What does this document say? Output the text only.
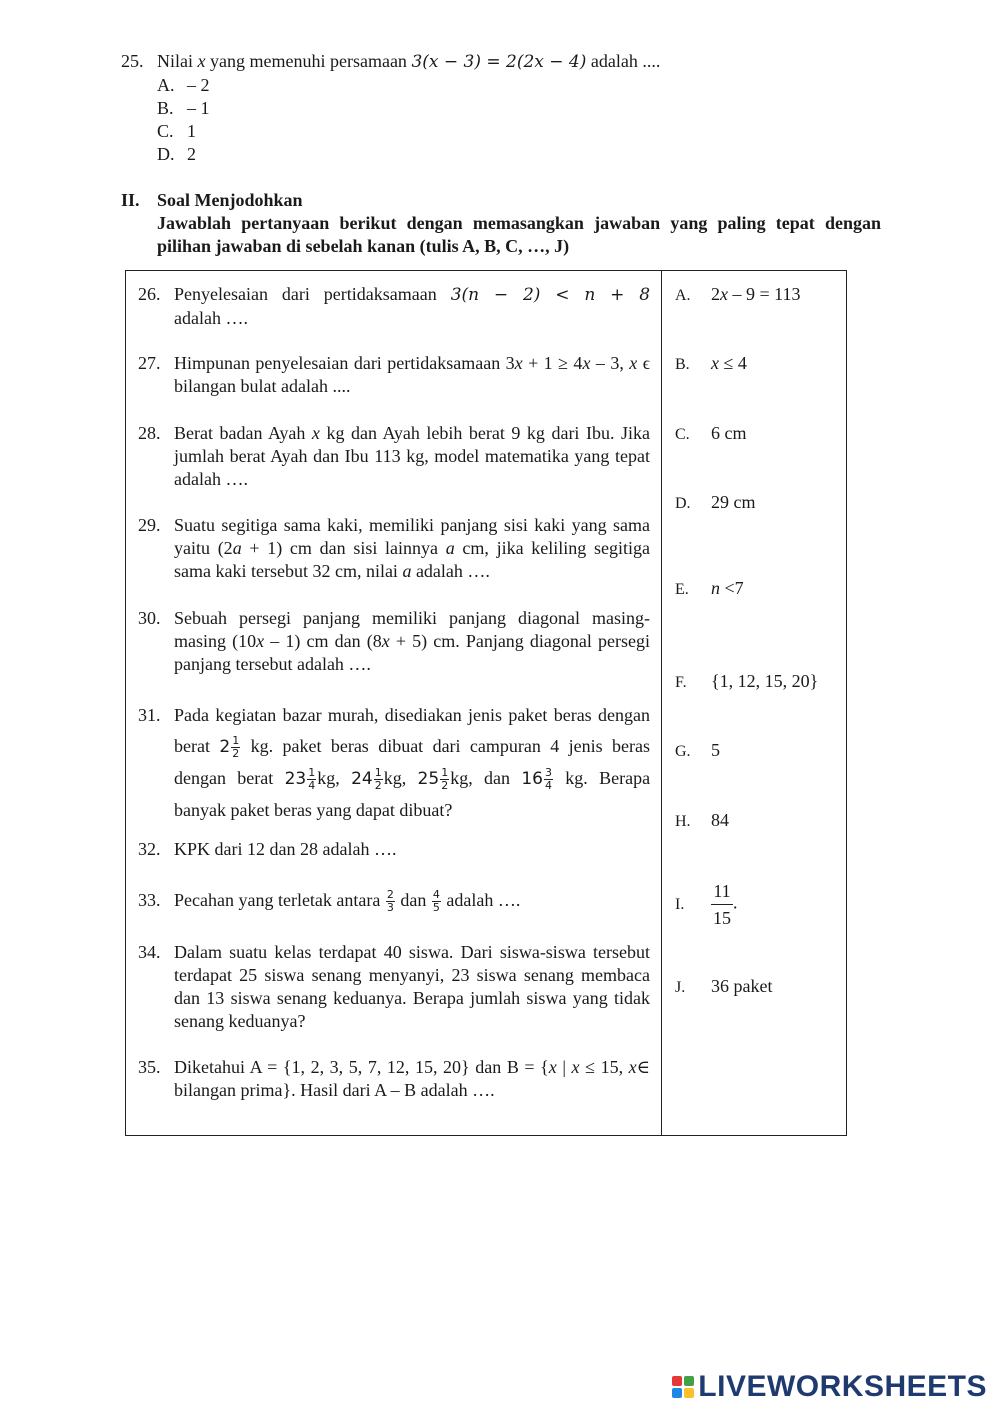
25. Nilai x yang memenuhi persamaan 3(x − 3) = 2(2x − 4) adalah ....
A. – 2
B. – 1
C. 1
D. 2
II. Soal Menjodohkan
Jawablah pertanyaan berikut dengan memasangkan jawaban yang paling tepat dengan pilihan jawaban di sebelah kanan (tulis A, B, C, …, J)
26. Penyelesaian dari pertidaksamaan 3(n − 2) < n + 8
adalah ….
27. Himpunan penyelesaian dari pertidaksamaan 3x + 1 ≥ 4x – 3, x ϵ bilangan bulat adalah ....
28. Berat badan Ayah x kg dan Ayah lebih berat 9 kg dari Ibu. Jika jumlah berat Ayah dan Ibu 113 kg, model matematika yang tepat adalah ….
29. Suatu segitiga sama kaki, memiliki panjang sisi kaki yang sama yaitu (2a + 1) cm dan sisi lainnya a cm, jika keliling segitiga sama kaki tersebut 32 cm, nilai a adalah ….
30. Sebuah persegi panjang memiliki panjang diagonal masing-masing (10x – 1) cm dan (8x + 5) cm. Panjang diagonal persegi panjang tersebut adalah ….
31. Pada kegiatan bazar murah, disediakan jenis paket beras dengan berat $2 \frac{1}{2}$ kg. paket beras dibuat dari campuran 4 jenis beras dengan berat $23 \frac{1}{4}$ kg, $24 \frac{1}{2}$ kg, $25 \frac{1}{2}$ kg, dan $16 \frac{3}{4}$ kg. Berapa banyak paket beras yang dapat dibuat?
32. KPK dari 12 dan 28 adalah ….
33. Pecahan yang terletak antara $\frac{2}{3}$ dan $\frac{4}{5}$ adalah ….
34. Dalam suatu kelas terdapat 40 siswa. Dari siswa-siswa tersebut terdapat 25 siswa senang menyanyi, 23 siswa senang membaca dan 13 siswa senang keduanya. Berapa jumlah siswa yang tidak senang keduanya?
35. Diketahui A = {1, 2, 3, 5, 7, 12, 15, 20} dan B = {x | x ≤ 15, x∈ bilangan prima}. Hasil dari A – B adalah ….
A. 2x – 9 = 113
B. x ≤ 4
C. 6 cm
D. 29 cm
E. n ˂7
F. {1, 12, 15, 20}
G. 5
H. 84
I. $\frac{11}{15}$ .
J. 36 paket
LIVEWORKSHEETS
